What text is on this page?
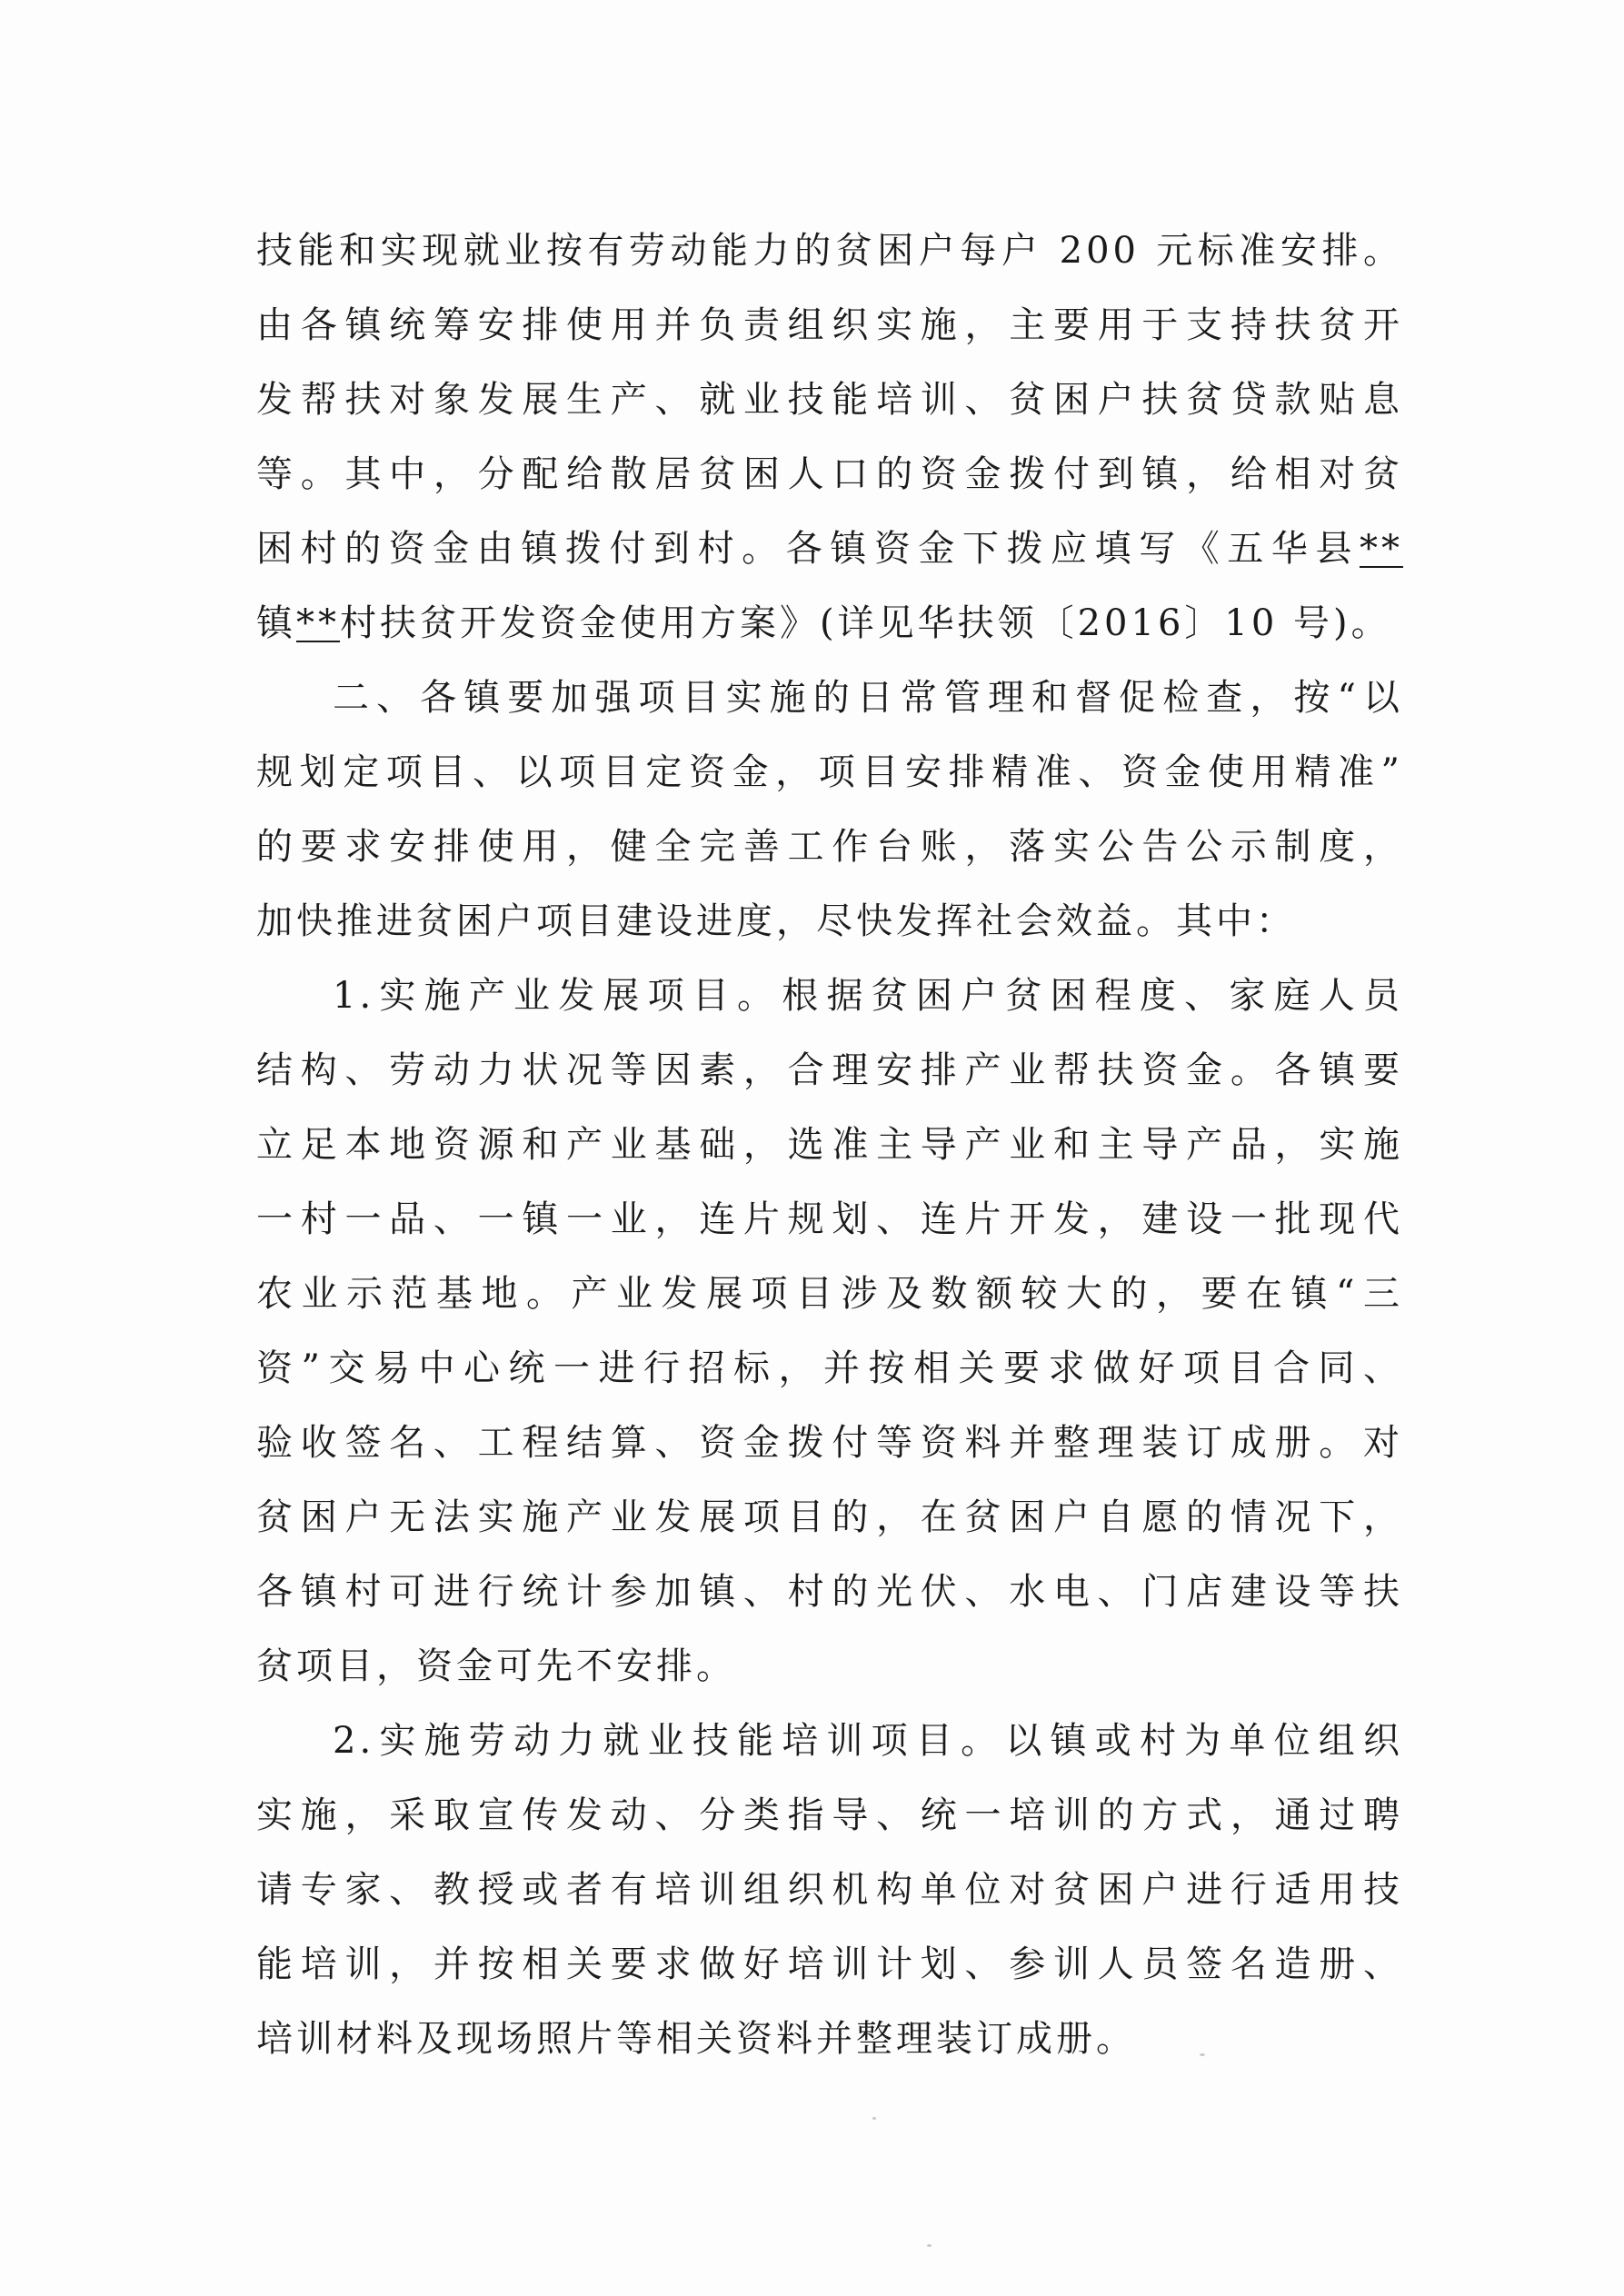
技能和实现就业按有劳动能力的贫困户每户 200 元标准安排。
由各镇统筹安排使用并负责组织实施，主要用于支持扶贫开
发帮扶对象发展生产、就业技能培训、贫困户扶贫贷款贴息
等。其中，分配给散居贫困人口的资金拨付到镇，给相对贫
困村的资金由镇拨付到村。各镇资金下拨应填写《五华县**
镇**村扶贫开发资金使用方案》(详见华扶领〔2016〕10 号)。
二、各镇要加强项目实施的日常管理和督促检查，按“以
规划定项目、以项目定资金，项目安排精准、资金使用精准”
的要求安排使用，健全完善工作台账，落实公告公示制度，
加快推进贫困户项目建设进度，尽快发挥社会效益。其中：
1.实施产业发展项目。根据贫困户贫困程度、家庭人员
结构、劳动力状况等因素，合理安排产业帮扶资金。各镇要
立足本地资源和产业基础，选准主导产业和主导产品，实施
一村一品、一镇一业，连片规划、连片开发，建设一批现代
农业示范基地。产业发展项目涉及数额较大的，要在镇“三
资”交易中心统一进行招标，并按相关要求做好项目合同、
验收签名、工程结算、资金拨付等资料并整理装订成册。对
贫困户无法实施产业发展项目的，在贫困户自愿的情况下，
各镇村可进行统计参加镇、村的光伏、水电、门店建设等扶
贫项目，资金可先不安排。
2.实施劳动力就业技能培训项目。以镇或村为单位组织
实施，采取宣传发动、分类指导、统一培训的方式，通过聘
请专家、教授或者有培训组织机构单位对贫困户进行适用技
能培训，并按相关要求做好培训计划、参训人员签名造册、
培训材料及现场照片等相关资料并整理装订成册。
